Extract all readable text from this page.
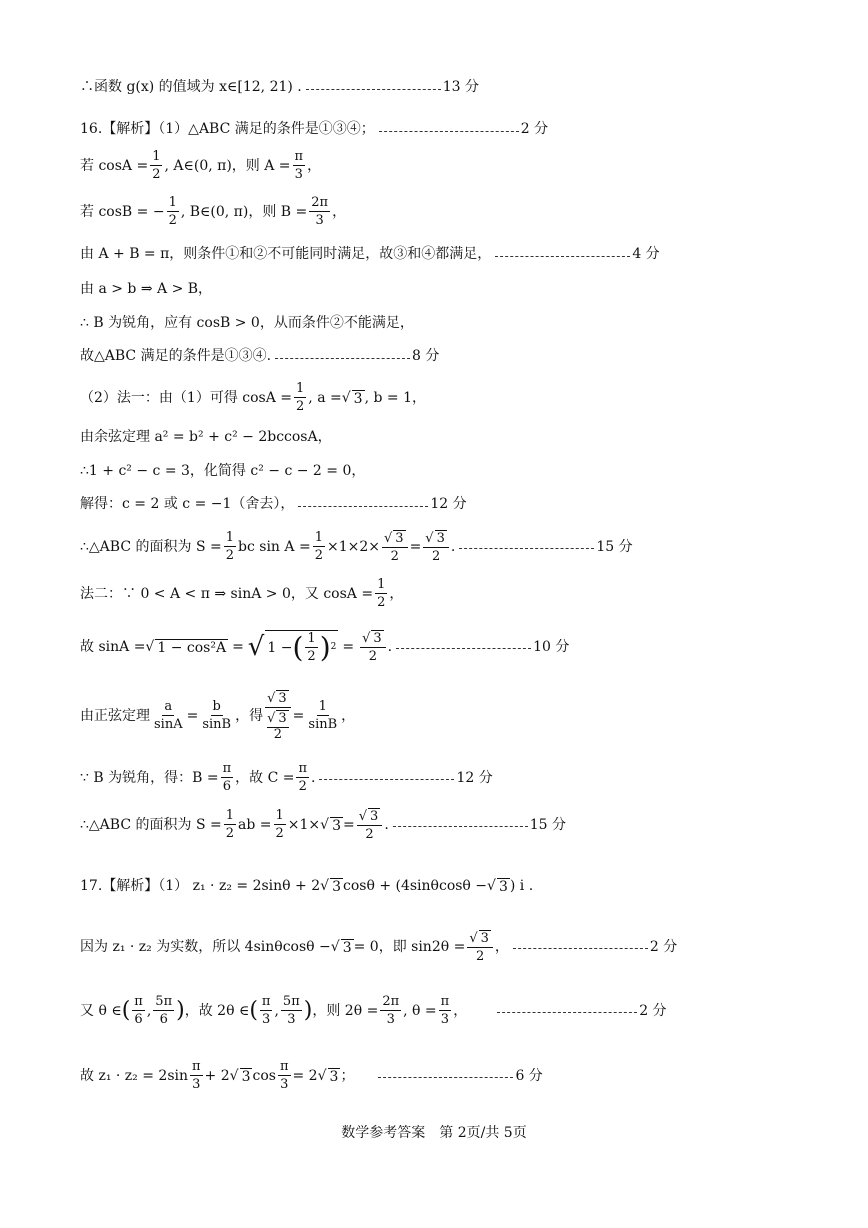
∴函数 g(x) 的值域为 x∈[12, 21) .	13 分
16.【解析】（1） △ABC 满足的条件是①③④；	2 分
若 $\cos A = \frac{1}{2}$ , A∈(0, π)，则 $A = \frac{\pi}{3}$ ，
若 cosB = − $\frac{1}{2}$ , B∈(0, π)，则 $B = \frac{2\pi}{3}$ ，
由 A + B = π，则条件①和②不可能同时满足，故③和④都满足，	4 分
由 a > b ⇒ A > B，
∴ B 为锐角，应有 cosB > 0，从而条件②不能满足，
故△ABC 满足的条件是①③④.	8 分
（2）法一：由（1）可得 $\cos A = \frac{1}{2}$ , a = √ 3 , b = 1，
由余弦定理 a² = b² + c² − 2bccosA，
∴1 + c² − c = 3，化简得 c² − c − 2 = 0，
解得：c = 2 或 c = −1（舍去），	12 分
∴△ABC 的面积为 $S = \frac{1}{2}$ bc $\sin A = \frac{1}{2} \times 1\times 2\times$ √ $\frac{3}{2}$ = √ $\frac{3}{2}$ .	15 分
法二：∵ 0 < A < π ⇒ sinA > 0，又 $\cos A = \frac{1}{2}$ ，
故 sinA = √ 1 − cos²A = √ 1 − ( $\frac{1}{2}$ ) 2 = √ $\frac{3}{2}$ .	10 分
由正弦定理 $\frac{a}{\sin A} = \frac{b}{\sin B}$ ，得 √ 3
√ 3
$2 = \frac{1}{\sin B}$ ，
∵ B 为锐角，得：$B = \frac{\pi}{6}$ ，故 $C = \frac{\pi}{2}$ .	12 分
∴△ABC 的面积为 $S = \frac{1}{2}$ ab = $\frac{1}{2} \times 1\times$ √ 3 = √ $\frac{3}{2}$ .	15 分
17.【解析】（1） z₁ · z₂ = 2sinθ + 2 √ 3 cosθ + (4sinθcosθ − √ 3 ) i .
因为 z₁ · z₂ 为实数，所以 4sinθcosθ − √ 3 = 0，即 sin2θ = √ $\frac{3}{2}$ ，	2 分
又 θ ∈ ( $\frac{\pi}{6}$ , $\frac{5\pi}{6}$ ) ，故 2θ ∈ ( $\frac{\pi}{3}$ , $\frac{5\pi}{3}$ ) ，则 $2\theta = \frac{2\pi}{3}$ , $\theta = \frac{\pi}{3}$ ，	2 分
故 $z_1 \cdot z_2 = 2\sin \frac{\pi}{3} + 2$ √ 3 $\cos \frac{\pi}{3} = 2$ √ 3 ；	6 分
数学参考答案　第 2页/共 5页
